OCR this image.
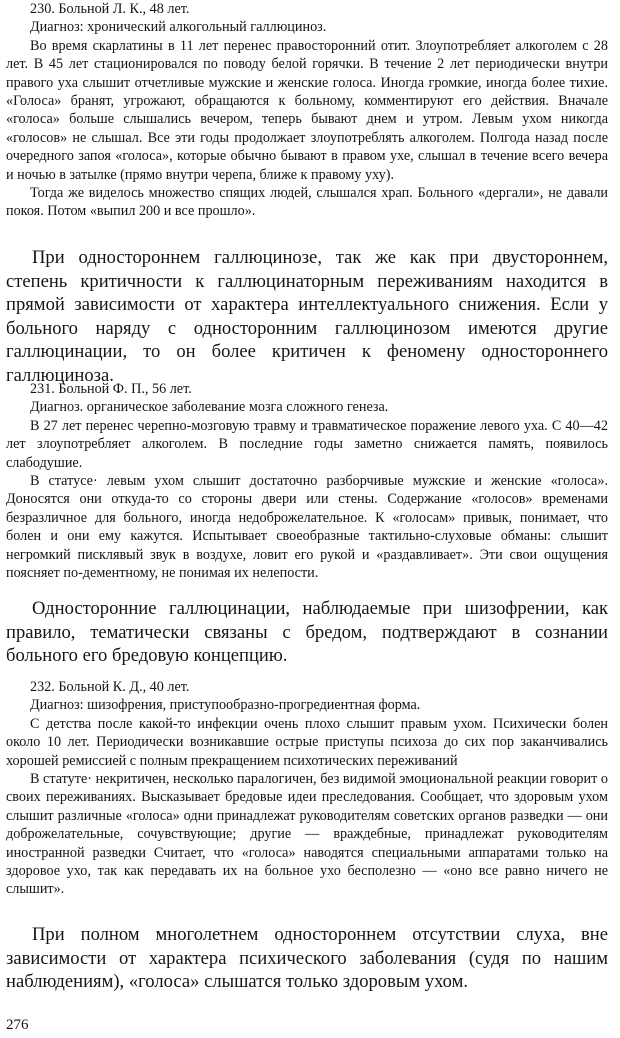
230. Больной Л. К., 48 лет.

Диагноз: хронический алкогольный галлюциноз.

Во время скарлатины в 11 лет перенес правосторонний отит. Злоупотребляет алкоголем с 28 лет. В 45 лет стационировался по поводу белой горячки. В течение 2 лет периодически внутри правого уха слышит отчетливые мужские и женские голоса. Иногда громкие, иногда более тихие. «Голоса» бранят, угрожают, обращаются к больному, комментируют его действия. Вначале «голоса» больше слышались вечером, теперь бывают днем и утром. Левым ухом никогда «голосов» не слышал. Все эти годы продолжает злоупотреблять алкоголем. Полгода назад после очередного запоя «голоса», которые обычно бывают в правом ухе, слышал в течение всего вечера и ночью в затылке (прямо внутри черепа, ближе к правому уху).

Тогда же виделось множество спящих людей, слышался храп. Больного «дергали», не давали покоя. Потом «выпил 200 и все прошло».

При одностороннем галлюцинозе, так же как при двустороннем, степень критичности к галлюцинаторным переживаниям находится в прямой зависимости от характера интеллектуального снижения. Если у больного наряду с односторонним галлюцинозом имеются другие галлюцинации, то он более критичен к феномену одностороннего галлюциноза.

231. Больной Ф. П., 56 лет.

Диагноз. органическое заболевание мозга сложного генеза.

В 27 лет перенес черепно-мозговую травму и травматическое поражение левого уха. С 40—42 лет злоупотребляет алкоголем. В последние годы заметно снижается память, появилось слабодушие.

В статусе· левым ухом слышит достаточно разборчивые мужские и женские «голоса». Доносятся они откуда-то со стороны двери или стены. Содержание «голосов» временами безразличное для больного, иногда недоброжелательное. К «голосам» привык, понимает, что болен и они ему кажутся. Испытывает своеобразные тактильно-слуховые обманы: слышит негромкий писклявый звук в воздухе, ловит его рукой и «раздавливает». Эти свои ощущения поясняет по-дементному, не понимая их нелепости.

Односторонние галлюцинации, наблюдаемые при шизофрении, как правило, тематически связаны с бредом, подтверждают в сознании больного его бредовую концепцию.

232. Больной К. Д., 40 лет.

Диагноз: шизофрения, приступообразно-прогредиентная форма.

С детства после какой-то инфекции очень плохо слышит правым ухом. Психически болен около 10 лет. Периодически возникавшие острые приступы психоза до сих пор заканчивались хорошей ремиссией с полным прекращением психотических переживаний

В статуте· некритичен, несколько паралогичен, без видимой эмоциональной реакции говорит о своих переживаниях. Высказывает бредовые идеи преследования. Сообщает, что здоровым ухом слышит различные «голоса» одни принадлежат руководителям советских органов разведки — они доброжелательные, сочувствующие; другие — враждебные, принадлежат руководителям иностранной разведки Считает, что «голоса» наводятся специальными аппаратами только на здоровое ухо, так как передавать их на больное ухо бесполезно — «оно все равно ничего не слышит».

При полном многолетнем одностороннем отсутствии слуха, вне зависимости от характера психического заболевания (судя по нашим наблюдениям), «голоса» слышатся только здоровым ухом.

276
